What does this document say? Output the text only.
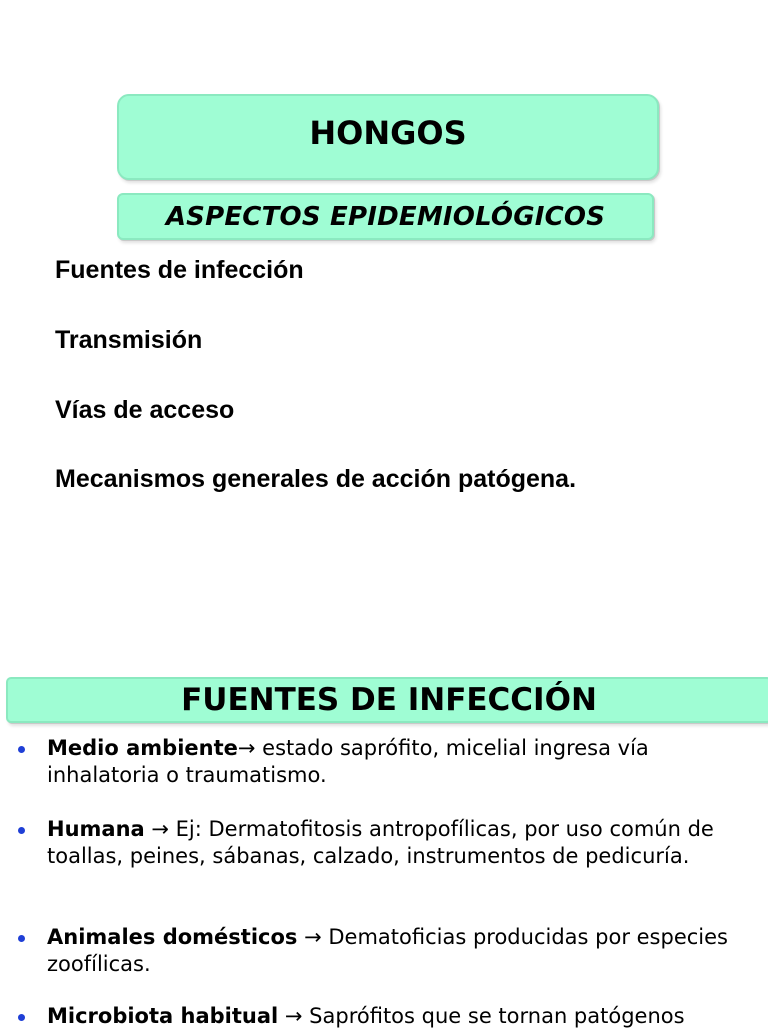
HONGOS
ASPECTOS EPIDEMIOLÓGICOS

Fuentes de infección

Transmisión

Vías de acceso

Mecanismos generales de acción patógena.

FUENTES DE INFECCIÓN
Medio ambiente→ estado saprófito, micelial ingresa vía inhalatoria o traumatismo.
Humana → Ej: Dermatofitosis antropofílicas, por uso común de toallas, peines, sábanas, calzado, instrumentos de pedicuría.
Animales domésticos → Dematoficias producidas por especies zoofílicas.
Microbiota habitual → Saprófitos que se tornan patógenos
